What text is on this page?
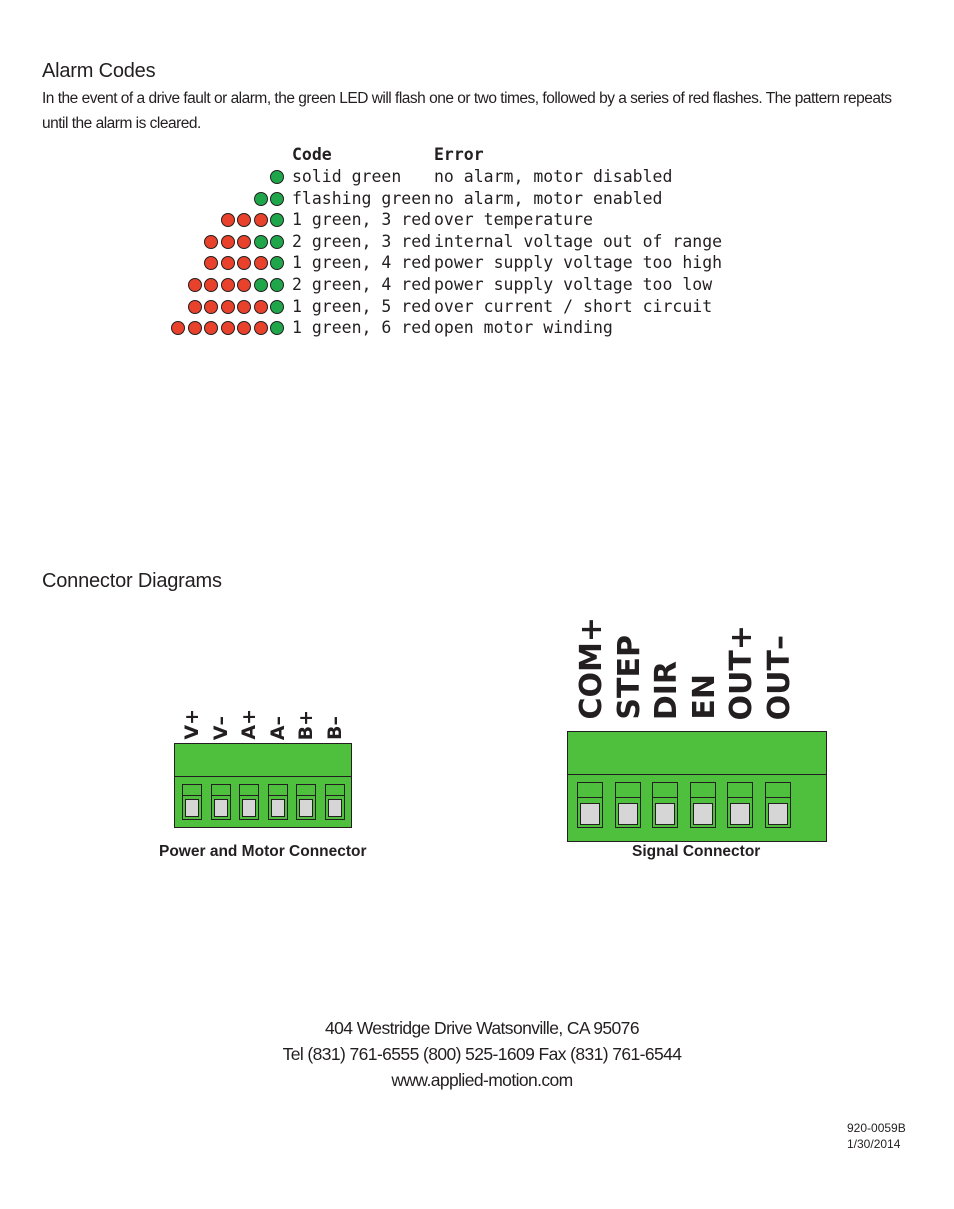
Alarm Codes
In the event of a drive fault or alarm, the green LED will flash one or two times, followed by a series of red flashes. The pattern repeats until the alarm is cleared.
Code	Error
solid green no alarm, motor disabled
flashing green no alarm, motor enabled
1 green, 3 red over temperature
2 green, 3 red internal voltage out of range
1 green, 4 red power supply voltage too high
2 green, 4 red power supply voltage too low
1 green, 5 red over current / short circuit
1 green, 6 red open motor winding
Connector Diagrams
V+ V– A+ A– B+ B–
Power and Motor Connector
COM+ STEP DIR EN OUT+ OUT–
Signal Connector
404 Westridge Drive Watsonville, CA 95076
Tel (831) 761-6555 (800) 525-1609 Fax (831) 761-6544
www.applied-motion.com
920-0059B
1/30/2014
